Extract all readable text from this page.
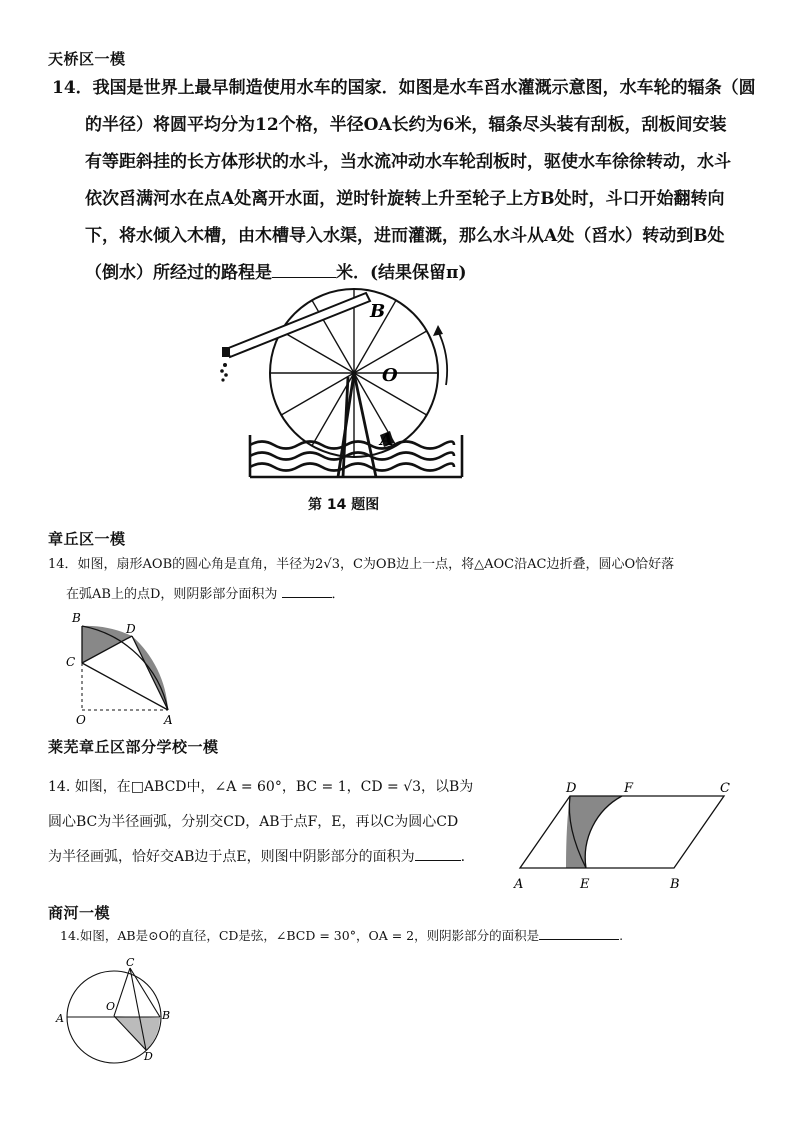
天桥区一模
14．我国是世界上最早制造使用水车的国家．如图是水车舀水灌溉示意图，水车轮的辐条（圆
的半径）将圆平均分为12个格，半径OA长约为6米，辐条尽头装有刮板，刮板间安装
有等距斜挂的长方体形状的水斗，当水流冲动水车轮刮板时，驱使水车徐徐转动，水斗
依次舀满河水在点A处离开水面，逆时针旋转上升至轮子上方B处时，斗口开始翻转向
下，将水倾入木槽，由木槽导入水渠，进而灌溉，那么水斗从A处（舀水）转动到B处
（倒水）所经过的路程是	米．(结果保留π)
B
O
A
第 14 题图
章丘区一模
14．如图，扇形AOB的圆心角是直角，半径为2√3，C为OB边上一点，将△AOC沿AC边折叠，圆心O恰好落
在弧AB上的点D，则阴影部分面积为	．
B
D
C
O	A
莱芜章丘区部分学校一模
14. 如图，在□ABCD中，∠A = 60°，BC = 1，CD = √3，以B为
圆心BC为半径画弧，分别交CD，AB于点F，E，再以C为圆心CD
为半径画弧，恰好交AB边于点E，则图中阴影部分的面积为	.
D	F	C
A	E	B
商河一模
14.如图，AB是⊙O的直径，CD是弦，∠BCD = 30°，OA = 2，则阴影部分的面积是	.
C
O
A	B
D
